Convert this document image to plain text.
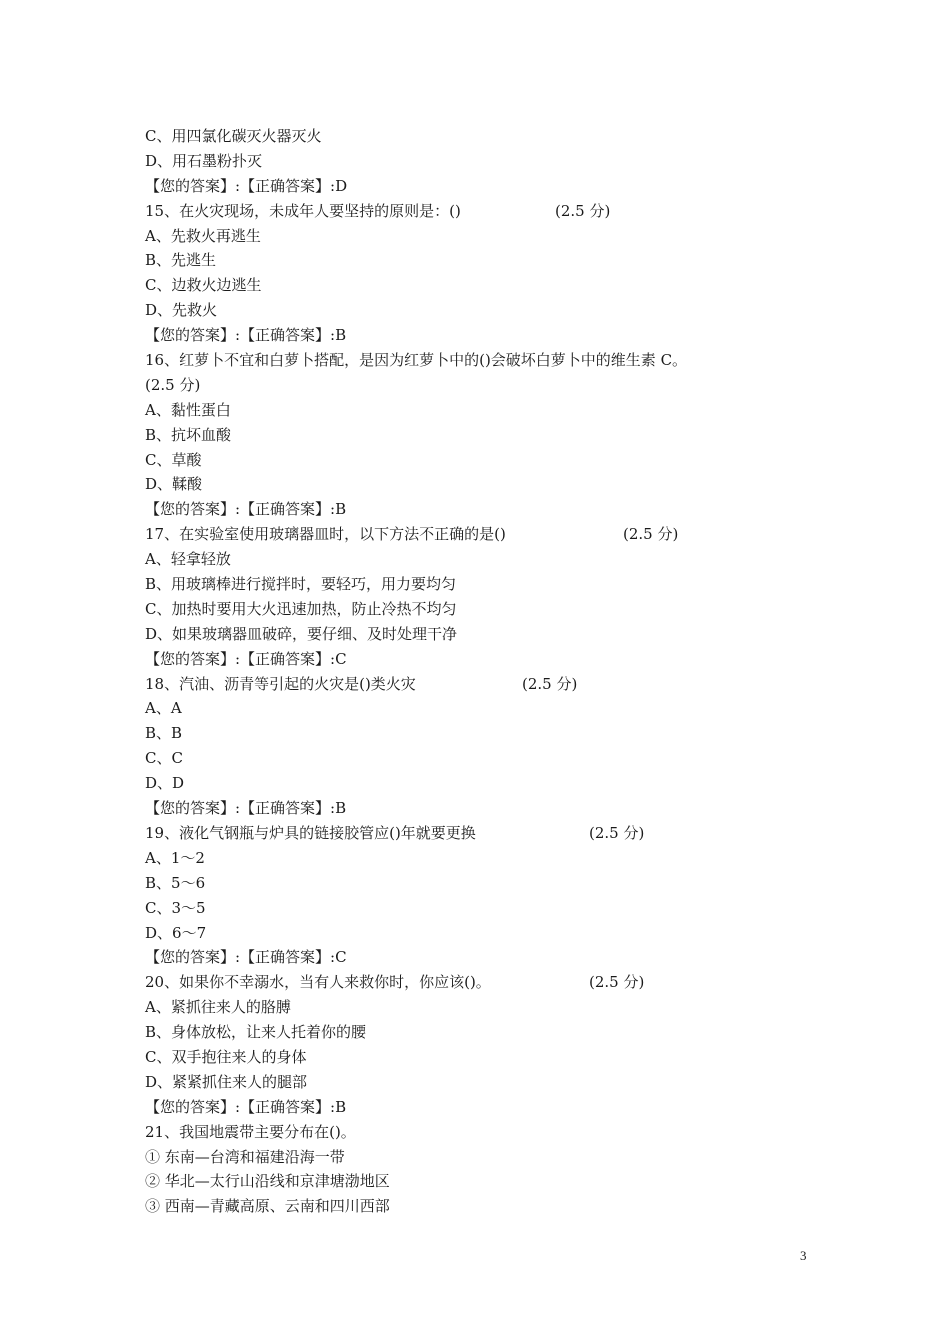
C、用四氯化碳灭火器灭火
D、用石墨粉扑灭
【您的答案】:【正确答案】:D
15、在火灾现场，未成年人要坚持的原则是：()	(2.5 分)
A、先救火再逃生
B、先逃生
C、边救火边逃生
D、先救火
【您的答案】:【正确答案】:B
16、红萝卜不宜和白萝卜搭配，是因为红萝卜中的()会破坏白萝卜中的维生素 C。
(2.5 分)
A、黏性蛋白
B、抗坏血酸
C、草酸
D、鞣酸
【您的答案】:【正确答案】:B
17、在实验室使用玻璃器皿时，以下方法不正确的是()	(2.5 分)
A、轻拿轻放
B、用玻璃棒进行搅拌时，要轻巧，用力要均匀
C、加热时要用大火迅速加热，防止冷热不均匀
D、如果玻璃器皿破碎，要仔细、及时处理干净
【您的答案】:【正确答案】:C
18、汽油、沥青等引起的火灾是()类火灾	(2.5 分)
A、A
B、B
C、C
D、D
【您的答案】:【正确答案】:B
19、液化气钢瓶与炉具的链接胶管应()年就要更换	(2.5 分)
A、1～2
B、5～6
C、3～5
D、6～7
【您的答案】:【正确答案】:C
20、如果你不幸溺水，当有人来救你时，你应该()。	(2.5 分)
A、紧抓往来人的胳膊
B、身体放松，让来人托着你的腰
C、双手抱往来人的身体
D、紧紧抓住来人的腿部
【您的答案】:【正确答案】:B
21、我国地震带主要分布在()。
① 东南—台湾和福建沿海一带
② 华北—太行山沿线和京津塘渤地区
③ 西南—青藏高原、云南和四川西部
3
